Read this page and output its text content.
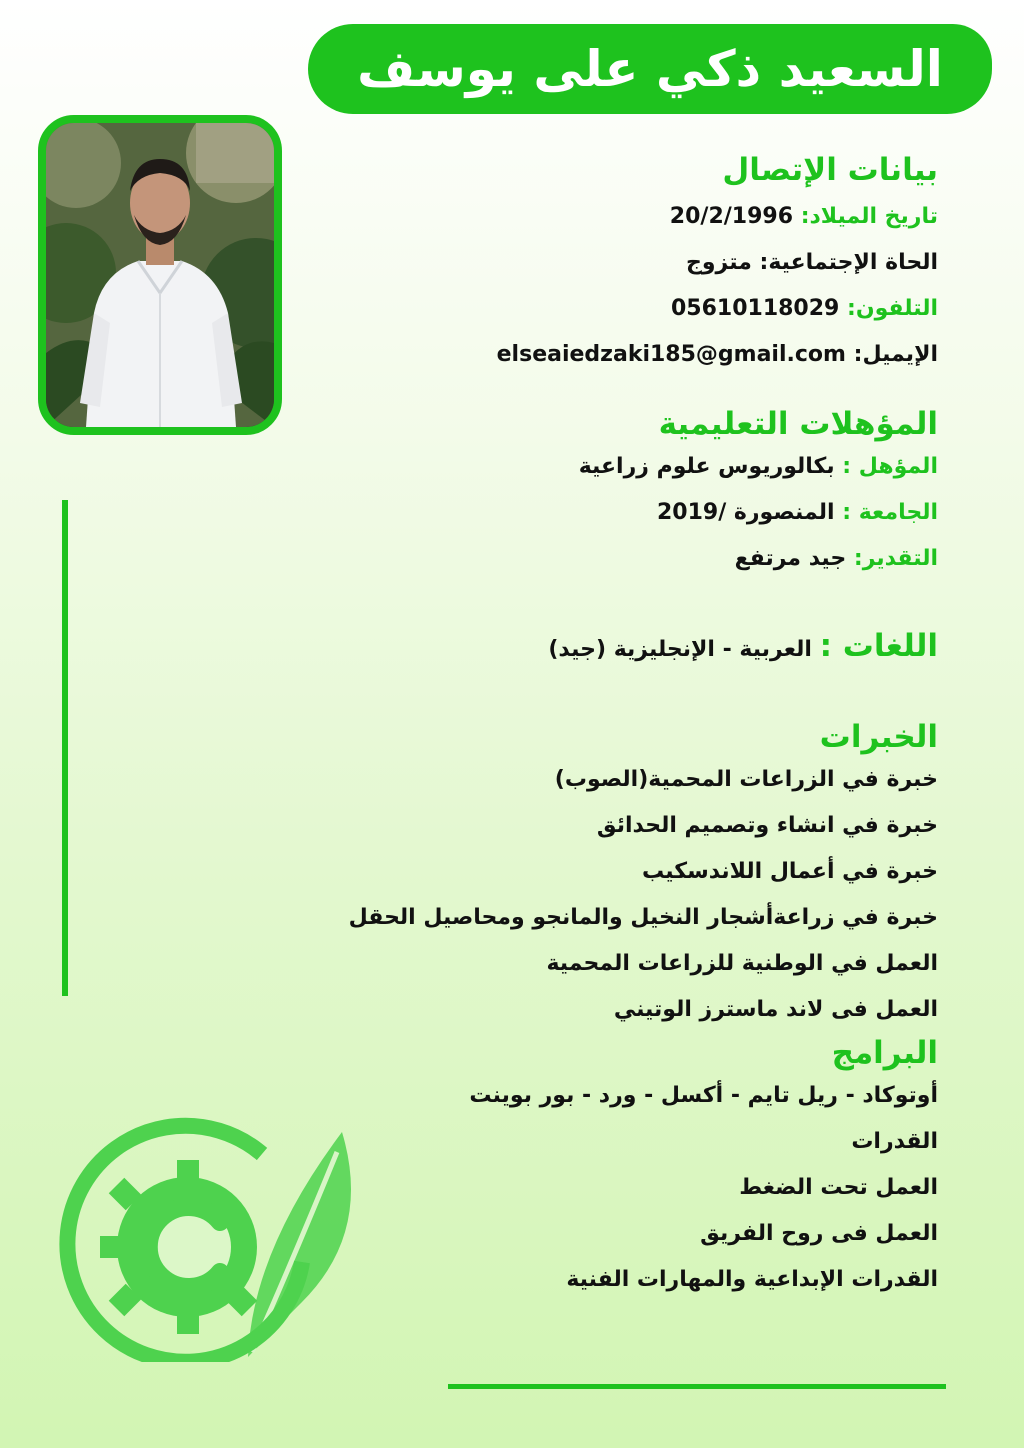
السعيد ذكي على يوسف
بيانات الإتصال
تاريخ الميلاد: 20/2/1996
الحاة الإجتماعية: متزوج
التلفون: 05610118029
الإيميل: elseaiedzaki185@gmail.com
المؤهلات التعليمية
المؤهل : بكالوريوس علوم زراعية
الجامعة : المنصورة /2019
التقدير: جيد مرتفع
اللغات : العربية - الإنجليزية (جيد)
الخبرات
خبرة في الزراعات المحمية(الصوب)
خبرة في انشاء وتصميم الحدائق
خبرة في أعمال اللاندسكيب
خبرة في زراعةأشجار النخيل والمانجو ومحاصيل الحقل
العمل في الوطنية للزراعات المحمية
العمل فى لاند ماسترز الوتيني
البرامج
أوتوكاد - ريل تايم - أكسل - ورد - بور بوينت
القدرات
العمل تحت الضغط
العمل فى روح الفريق
القدرات الإبداعية والمهارات الفنية
